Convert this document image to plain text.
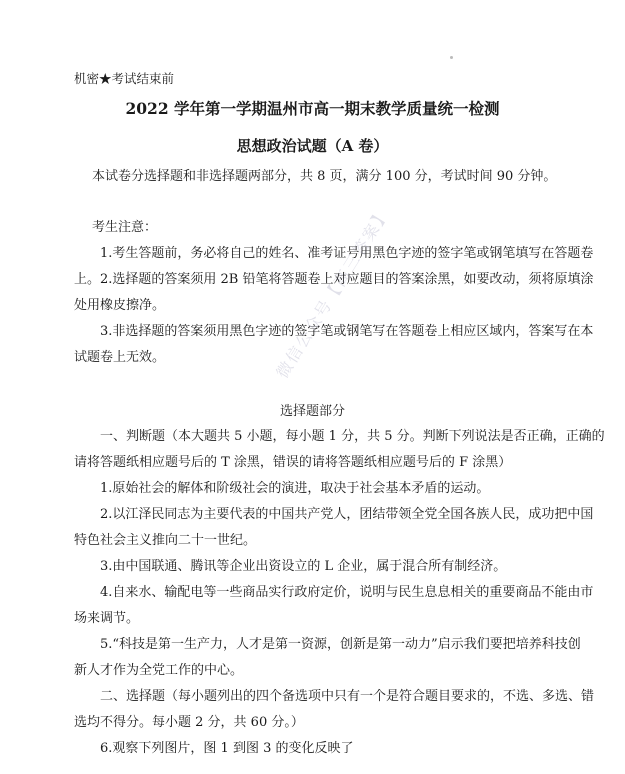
机密★考试结束前
2022 学年第一学期温州市高一期末教学质量统一检测
思想政治试题（A 卷）
本试卷分选择题和非选择题两部分，共 8 页，满分 100 分，考试时间 90 分钟。
考生注意：
1.考生答题前，务必将自己的姓名、准考证号用黑色字迹的签字笔或钢笔填写在答题卷
上。2.选择题的答案须用 2B 铅笔将答题卷上对应题目的答案涂黑，如要改动，须将原填涂
处用橡皮擦净。
3.非选择题的答案须用黑色字迹的签字笔或钢笔写在答题卷上相应区域内，答案写在本
试题卷上无效。
选择题部分
一、判断题（本大题共 5 小题，每小题 1 分，共 5 分。判断下列说法是否正确，正确的
请将答题纸相应题号后的 T 涂黑，错误的请将答题纸相应题号后的 F 涂黑）
1.原始社会的解体和阶级社会的演进，取决于社会基本矛盾的运动。
2.以江泽民同志为主要代表的中国共产党人，团结带领全党全国各族人民，成功把中国
特色社会主义推向二十一世纪。
3.由中国联通、腾讯等企业出资设立的 L 企业，属于混合所有制经济。
4.自来水、输配电等一些商品实行政府定价，说明与民生息息相关的重要商品不能由市
场来调节。
5.“科技是第一生产力，人才是第一资源，创新是第一动力”启示我们要把培养科技创
新人才作为全党工作的中心。
二、选择题（每小题列出的四个备选项中只有一个是符合题目要求的，不选、多选、错
选均不得分。每小题 2 分，共 60 分。）
6.观察下列图片，图 1 到图 3 的变化反映了
微信公众号【高三答案】
